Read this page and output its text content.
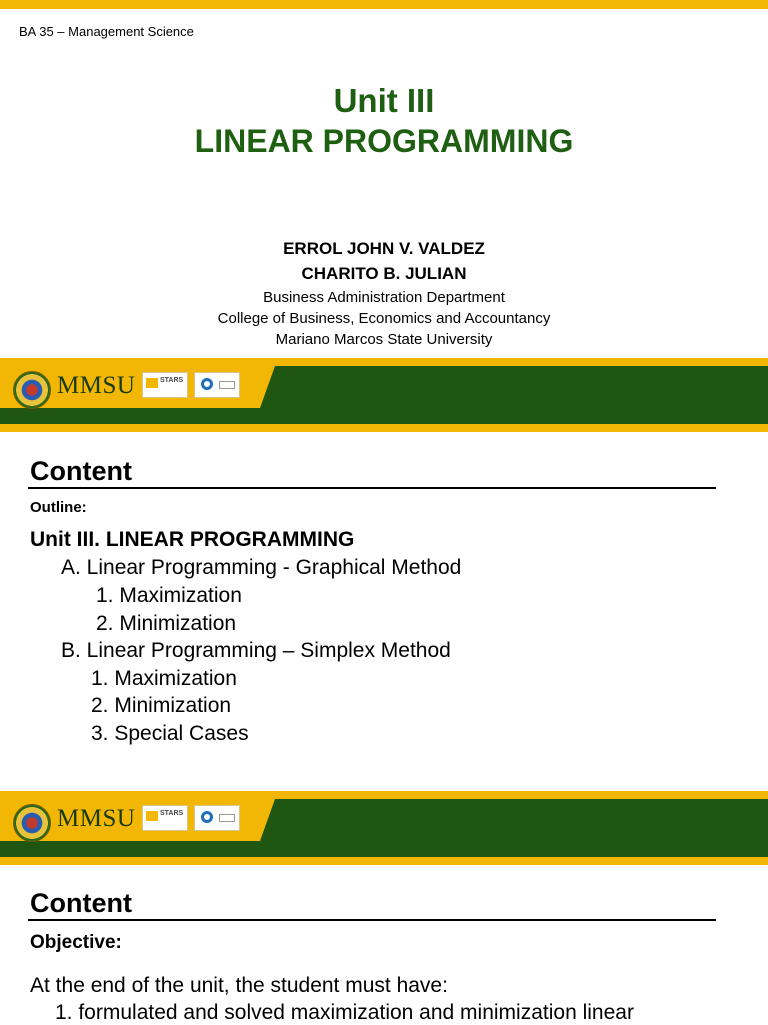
BA 35 – Management Science
Unit III
LINEAR PROGRAMMING
ERROL JOHN V. VALDEZ
CHARITO B. JULIAN
Business Administration Department
College of Business, Economics and Accountancy
Mariano Marcos State University
MMSU	STARS
Content
Outline:
Unit III. LINEAR PROGRAMMING
A. Linear Programming - Graphical Method
1. Maximization
2. Minimization
B. Linear Programming – Simplex Method
1. Maximization
2. Minimization
3. Special Cases
MMSU	STARS
Content
Objective:
At the end of the unit, the student must have:
1. formulated and solved maximization and minimization linear
